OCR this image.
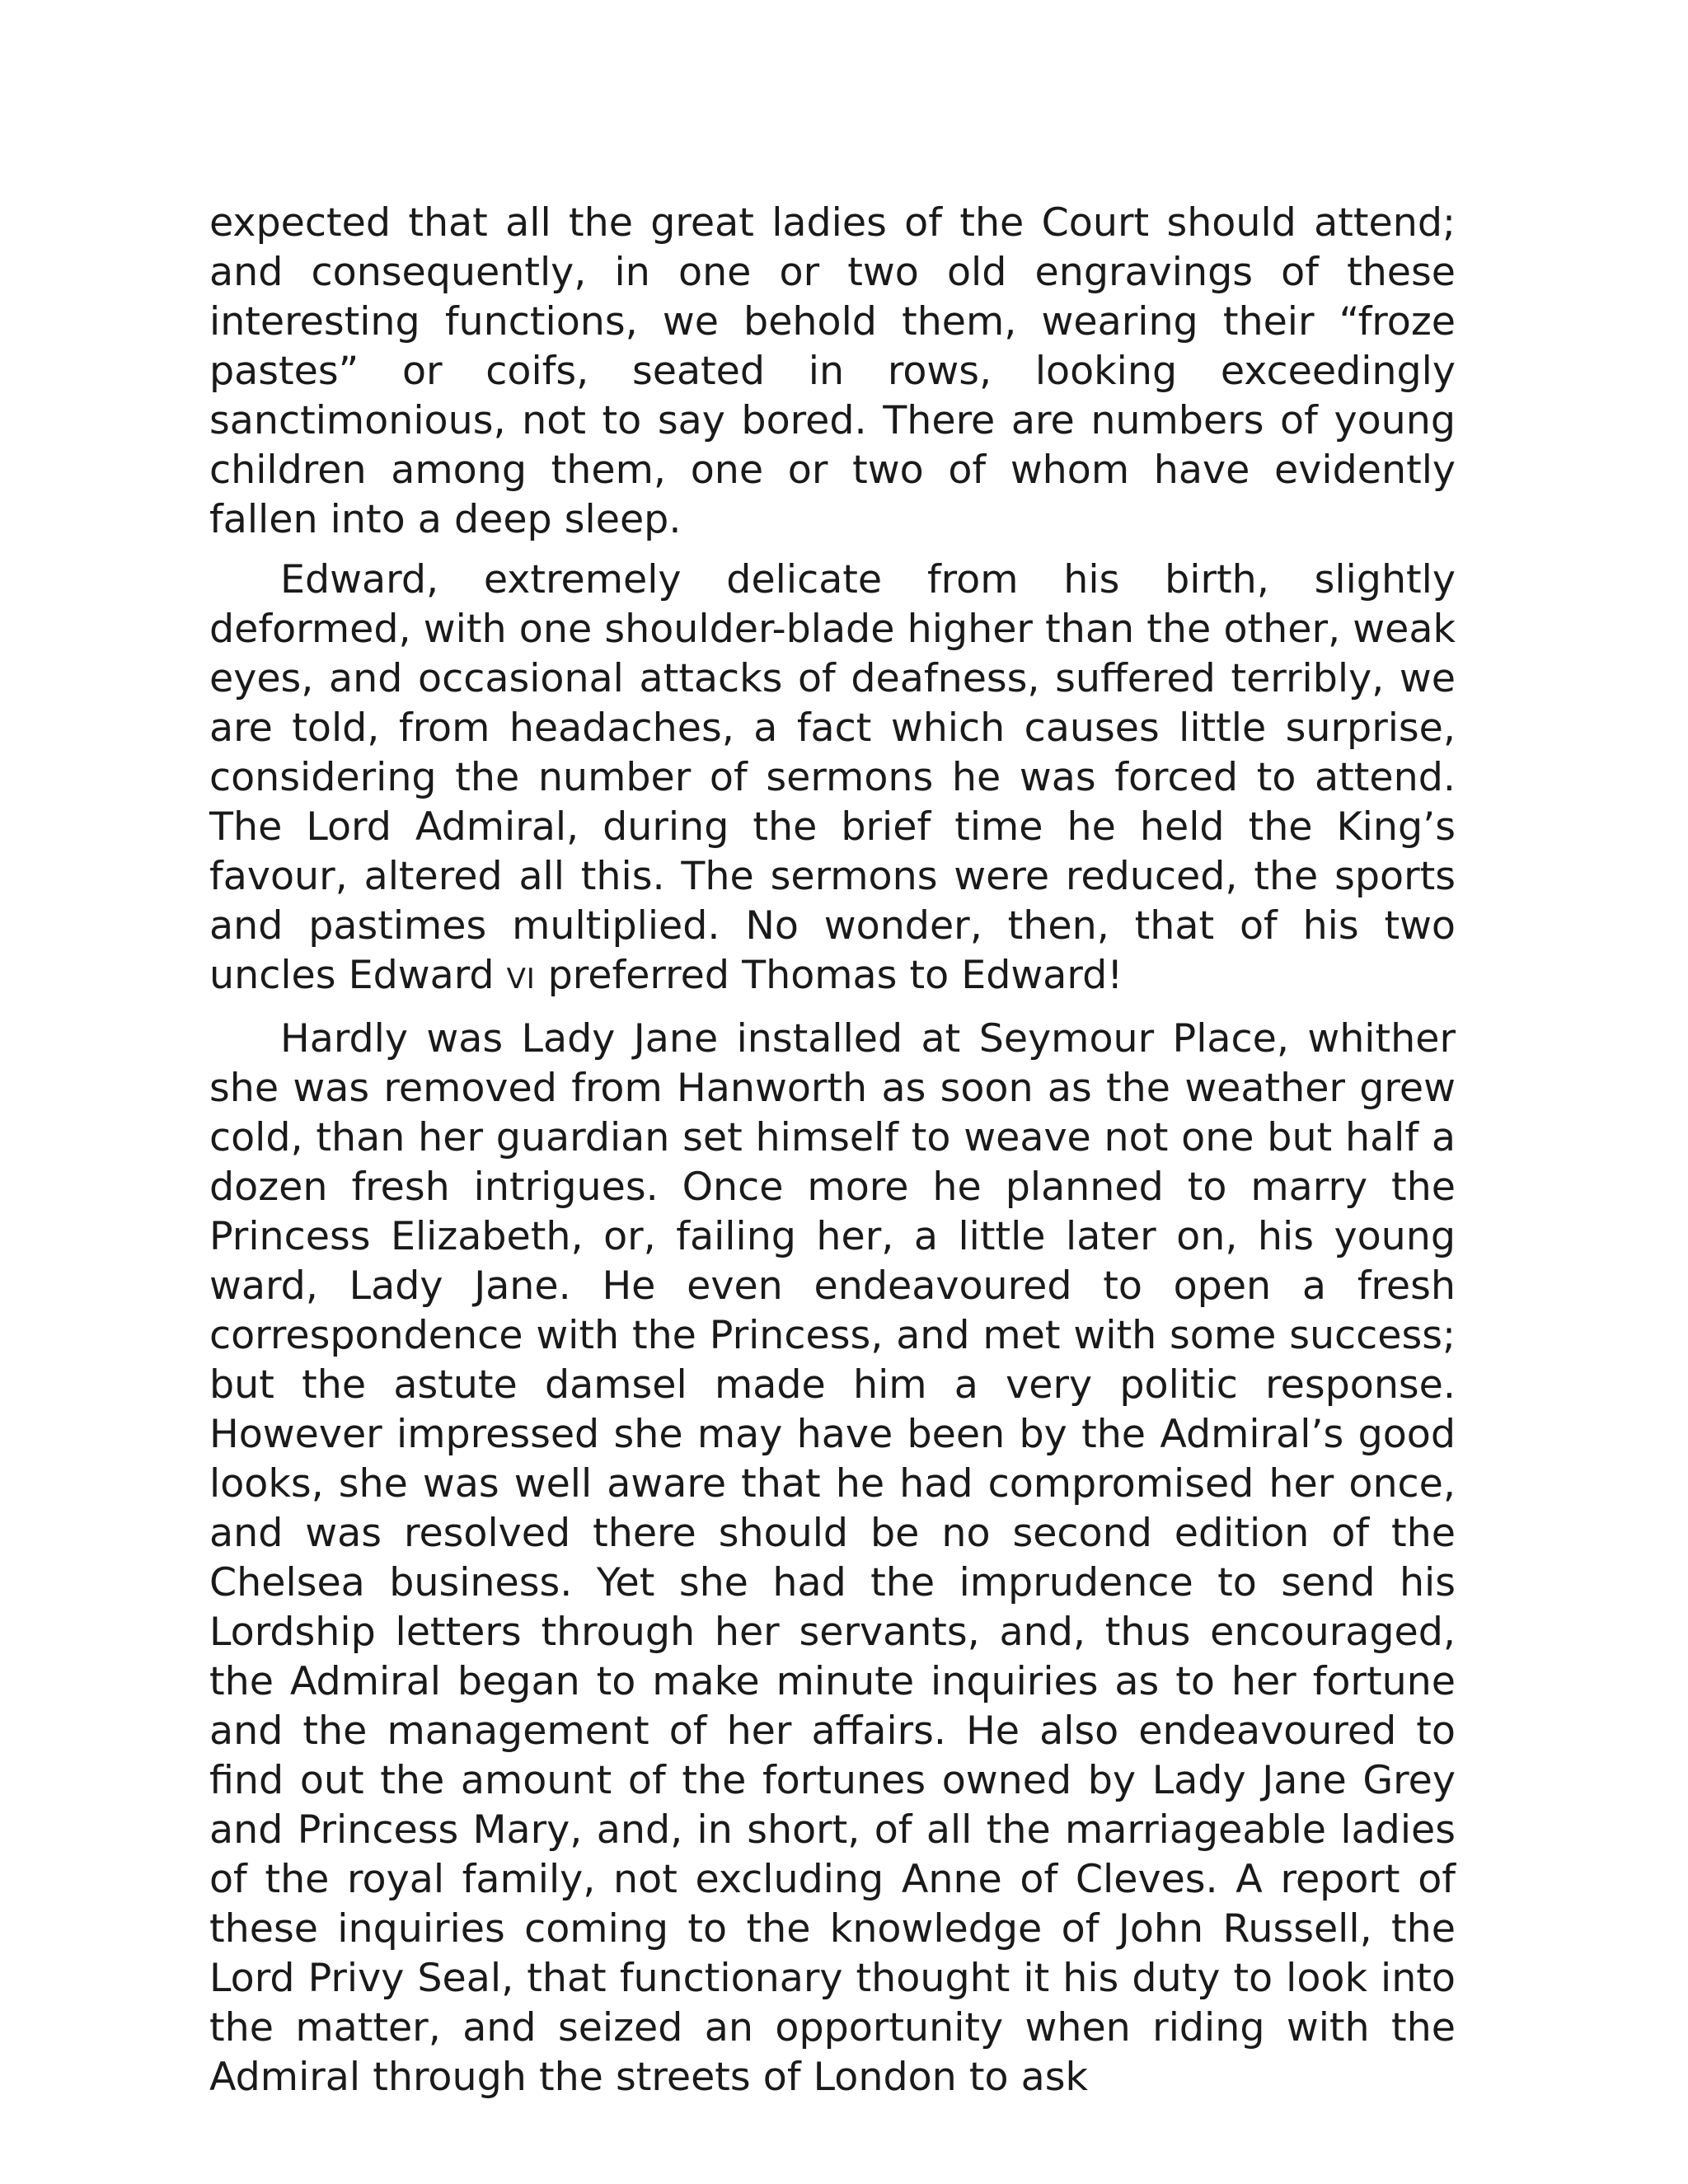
expected that all the great ladies of the Court should attend; and consequently, in one or two old engravings of these interesting functions, we behold them, wearing their “froze pastes” or coifs, seated in rows, looking exceedingly sanctimonious, not to say bored. There are numbers of young children among them, one or two of whom have evidently fallen into a deep sleep.

Edward, extremely delicate from his birth, slightly deformed, with one shoulder-blade higher than the other, weak eyes, and occasional attacks of deafness, suffered terribly, we are told, from headaches, a fact which causes little surprise, considering the number of sermons he was forced to attend. The Lord Admiral, during the brief time he held the King’s favour, altered all this. The sermons were reduced, the sports and pastimes multiplied. No wonder, then, that of his two uncles Edward VI preferred Thomas to Edward!

Hardly was Lady Jane installed at Seymour Place, whither she was removed from Hanworth as soon as the weather grew cold, than her guardian set himself to weave not one but half a dozen fresh intrigues. Once more he planned to marry the Princess Elizabeth, or, failing her, a little later on, his young ward, Lady Jane. He even endeavoured to open a fresh correspondence with the Princess, and met with some success; but the astute damsel made him a very politic response. However impressed she may have been by the Admiral’s good looks, she was well aware that he had compromised her once, and was resolved there should be no second edition of the Chelsea business. Yet she had the imprudence to send his Lordship letters through her servants, and, thus encouraged, the Admiral began to make minute inquiries as to her fortune and the management of her affairs. He also endeavoured to find out the amount of the fortunes owned by Lady Jane Grey and Princess Mary, and, in short, of all the marriageable ladies of the royal family, not excluding Anne of Cleves. A report of these inquiries coming to the knowledge of John Russell, the Lord Privy Seal, that functionary thought it his duty to look into the matter, and seized an opportunity when riding with the Admiral through the streets of London to ask
